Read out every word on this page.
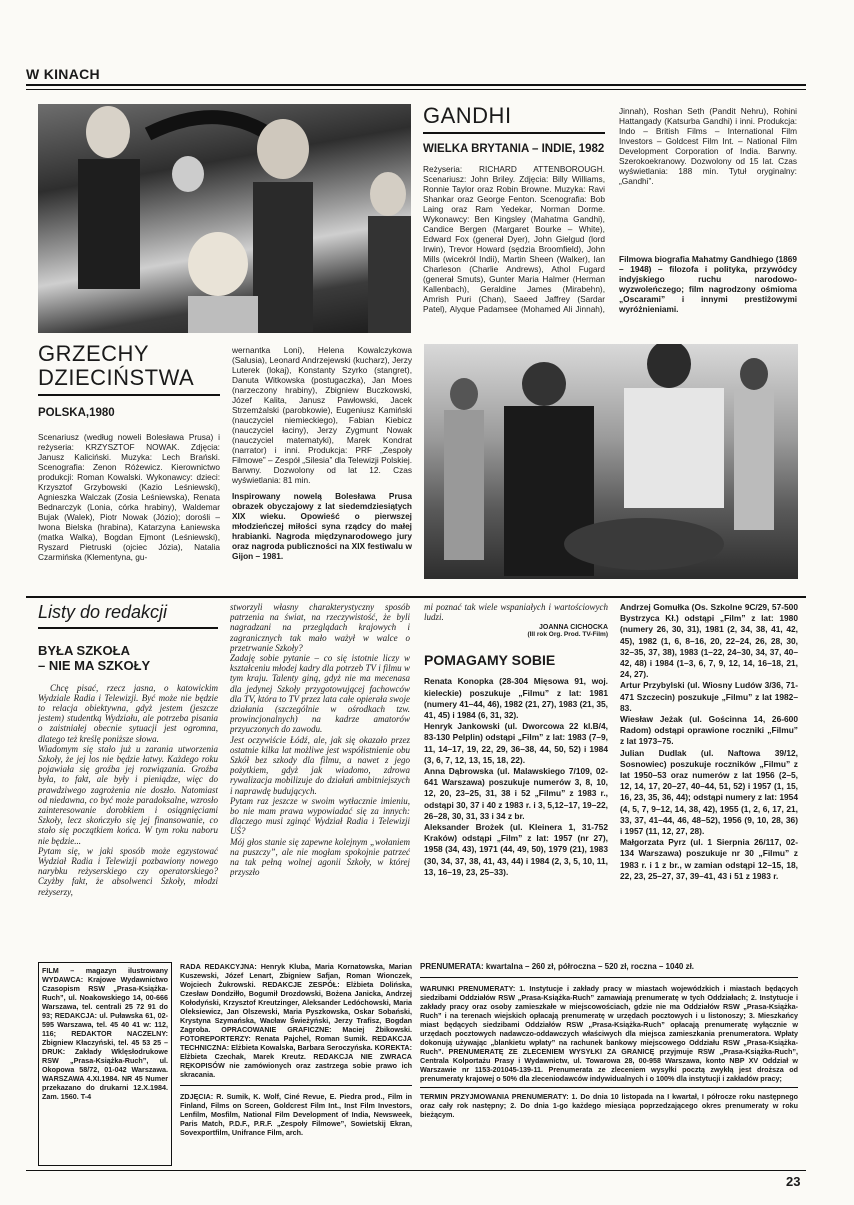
W KINACH
GANDHI
WIELKA BRYTANIA – INDIE, 1982

Reżyseria: RICHARD ATTENBOROUGH. Scenariusz: John Briley. Zdjęcia: Billy Williams, Ronnie Taylor oraz Robin Browne. Muzyka: Ravi Shankar oraz George Fenton. Scenografia: Bob Laing oraz Ram Yedekar, Norman Dorme. Wykonawcy: Ben Kingsley (Mahatma Gandhi), Candice Bergen (Margaret Bourke – White), Edward Fox (generał Dyer), John Gielgud (lord Irwin), Trevor Howard (sędzia Broomfield), John Mills (wicekról Indii), Martin Sheen (Walker), Ian Charleson (Charlie Andrews), Athol Fugard (generał Smuts), Gunter Maria Halmer (Herman Kallenbach), Geraldine James (Mirabehn), Amrish Puri (Chan), Saeed Jaffrey (Sardar Patel), Alyque Padamsee (Mohamed Ali Jinnah),

Jinnah), Roshan Seth (Pandit Nehru), Rohini Hattangady (Katsurba Gandhi) i inni. Produkcja: Indo – British Films – International Film Investors – Goldcest Film Int. – National Film Development Corporation of India. Barwny. Szerokoekranowy. Dozwolony od 15 lat. Czas wyświetlania: 188 min. Tytuł oryginalny: „Gandhi”.

Filmowa biografia Mahatmy Gandhiego (1869 – 1948) – filozofa i polityka, przywódcy indyjskiego ruchu narodowo-wyzwoleńczego; film nagrodzony ośmioma „Oscarami” i innymi prestiżowymi wyróżnieniami.

GRZECHY
DZIECIŃSTWA
POLSKA,1980

Scenariusz (według noweli Bolesława Prusa) i reżyseria: KRZYSZTOF NOWAK. Zdjęcia: Janusz Kaliciński. Muzyka: Lech Brański. Scenografia: Zenon Różewicz. Kierownictwo produkcji: Roman Kowalski. Wykonawcy: dzieci: Krzysztof Grzybowski (Kazio Leśniewski), Agnieszka Walczak (Zosia Leśniewska), Renata Bednarczyk (Lonia, córka hrabiny), Waldemar Bujak (Walek), Piotr Nowak (Józio); dorośli – Iwona Bielska (hrabina), Katarzyna Łaniewska (matka Walka), Bogdan Ejmont (Leśniewski), Ryszard Pietruski (ojciec Józia), Natalia Czarmińska (Klementyna, gu-

wernantka Loni), Helena Kowalczykowa (Salusia), Leonard Andrzejewski (kucharz), Jerzy Luterek (lokaj), Konstanty Szyrko (stangret), Danuta Witkowska (postugaczka), Jan Moes (narzeczony hrabiny), Zbigniew Buczkowski, Józef Kalita, Janusz Pawłowski, Jacek Strzemżalski (parobkowie), Eugeniusz Kamiński (nauczyciel niemieckiego), Fabian Kiebicz (nauczyciel łaciny), Jerzy Zygmunt Nowak (nauczyciel matematyki), Marek Kondrat (narrator) i inni. Produkcja: PRF „Zespoły Filmowe” – Zespół „Silesia” dla Telewizji Polskiej. Barwny. Dozwolony od lat 12. Czas wyświetlania: 81 min.

Inspirowany nowelą Bolesława Prusa obrazek obyczajowy z lat siedemdziesiątych XIX wieku. Opowieść o pierwszej młodzieńczej miłości syna rządcy do małej hrabianki. Nagroda międzynarodowego jury oraz nagroda publiczności na XIX festiwalu w Gijon – 1981.

Listy do redakcji

BYŁA SZKOŁA

– NIE MA SZKOŁY

Chcę pisać, rzecz jasna, o katowickim Wydziale Radia i Telewizji. Być może nie będzie to relacja obiektywna, gdyż jestem (jeszcze jestem) studentką Wydziału, ale potrzeba pisania o zaistniałej obecnie sytuacji jest ogromna, dlatego też kreślę poniższe słowa.
Wiadomym się stało już u zarania utworzenia Szkoły, że jej los nie będzie łatwy. Każdego roku pojawiała się groźba jej rozwiązania. Groźba była, to fakt, ale były i pieniądze, więc do prawdziwego zagrożenia nie doszło. Natomiast od niedawna, co być może paradoksalne, wzrosło zainteresowanie dorobkiem i osiągnięciami Szkoły, lecz skończyło się jej finansowanie, co stało się początkiem końca. W tym roku naboru nie będzie...
Pytam się, w jaki sposób może egzystować Wydział Radia i Telewizji pozbawiony nowego narybku reżyserskiego czy operatorskiego? Czyżby fakt, że absolwenci Szkoły, młodzi reżyserzy,

stworzyli własny charakterystyczny sposób patrzenia na świat, na rzeczywistość, że byli nagradzani na przeglądach krajowych i zagranicznych tak mało ważył w walce o przetrwanie Szkoły?
Zadaję sobie pytanie – co się istotnie liczy w kształceniu młodej kadry dla potrzeb TV i filmu w tym kraju. Talenty giną, gdyż nie ma mecenasa dla jedynej Szkoły przygotowującej fachowców dla TV, która to TV przez lata całe opierała swoje działania (szczególnie w ośrodkach tzw. prowincjonalnych) na kadrze amatorów przyuczonych do zawodu.
Jest oczywiście Łódź, ale, jak się okazało przez ostatnie kilka lat możliwe jest współistnienie obu Szkół bez szkody dla filmu, a nawet z jego pożytkiem, gdyż jak wiadomo, zdrowa rywalizacja mobilizuje do działań ambitniejszych i naprawdę budujących.
Pytam raz jeszcze w swoim wytłacznie imieniu, bo nie mam prawa wypowiadać się za innych: dlaczego musi zginąć Wydział Radia i Telewizji UŚ?
Mój głos stanie się zapewne kolejnym „wołaniem na puszczy”, ale nie mogłam spokojnie patrzeć na tak pełną wolnej agonii Szkoły, w której przyszło

mi poznać tak wiele wspaniałych i wartościowych ludzi.

JOANNA CICHOCKA

(III rok Org. Prod. TV-Film)

POMAGAMY SOBIE

Renata Konopka (28-304 Mięsowa 91, woj. kieleckie) poszukuje „Filmu” z lat: 1981 (numery 41–44, 46), 1982 (21, 27), 1983 (21, 35, 41, 45) i 1984 (6, 31, 32).
Henryk Jankowski (ul. Dworcowa 22 kl.B/4, 83-130 Pelplin) odstąpi „Film” z lat: 1983 (7–9, 11, 14–17, 19, 22, 29, 36–38, 44, 50, 52) i 1984 (3, 6, 7, 12, 13, 15, 18, 22).
Anna Dąbrowska (ul. Malawskiego 7/109, 02-641 Warszawa) poszukuje numerów 3, 8, 10, 12, 20, 23–25, 31, 38 i 52 „Filmu” z 1983 r., odstąpi 30, 37 i 40 z 1983 r. i 3, 5,12–17, 19–22, 26–28, 30, 31, 33 i 34 z br.
Aleksander Brożek (ul. Kleinera 1, 31-752 Kraków) odstąpi „Film” z lat: 1957 (nr 27), 1958 (34, 43), 1971 (44, 49, 50), 1979 (21), 1983 (30, 34, 37, 38, 41, 43, 44) i 1984 (2, 3, 5, 10, 11, 13, 16–19, 23, 25–33).

Andrzej Gomułka (Os. Szkolne 9C/29, 57-500 Bystrzyca Kł.) odstąpi „Film” z lat: 1980 (numery 26, 30, 31), 1981 (2, 34, 38, 41, 42, 45), 1982 (1, 6, 8–16, 20, 22–24, 26, 28, 30, 32–35, 37, 38), 1983 (1–22, 24–30, 34, 37, 40–42, 48) i 1984 (1–3, 6, 7, 9, 12, 14, 16–18, 21, 24, 27).
Artur Przybylski (ul. Wiosny Ludów 3/36, 71-471 Szczecin) poszukuje „Filmu” z lat 1982–83.
Wiesław Jeżak (ul. Gościnna 14, 26-600 Radom) odstąpi oprawione roczniki „Filmu” z lat 1973–75.
Julian Dudlak (ul. Naftowa 39/12, Sosnowiec) poszukuje roczników „Filmu” z lat 1950–53 oraz numerów z lat 1956 (2–5, 12, 14, 17, 20–27, 40–44, 51, 52) i 1957 (1, 15, 16, 23, 35, 36, 44); odstąpi numery z lat: 1954 (4, 5, 7, 9–12, 14, 38, 42), 1955 (1, 2, 6, 17, 21, 33, 37, 41–44, 46, 48–52), 1956 (9, 10, 28, 36) i 1957 (11, 12, 27, 28).
Małgorzata Pyrz (ul. 1 Sierpnia 26/117, 02-134 Warszawa) poszukuje nr 30 „Filmu” z 1983 r. i 1 z br., w zamian odstąpi 12–15, 18, 22, 23, 25–27, 37, 39–41, 43 i 51 z 1983 r.

FILM – magazyn ilustrowany WYDAWCA: Krajowe Wydawnictwo Czasopism RSW „Prasa-Książka-Ruch”, ul. Noakowskiego 14, 00-666 Warszawa, tel. centrali 25 72 91 do 93; REDAKCJA: ul. Puławska 61, 02-595 Warszawa, tel. 45 40 41 w: 112, 116; REDAKTOR NACZELNY: Zbigniew Kłaczyński, tel. 45 53 25 – DRUK: Zakłady Wklęsłodrukowe RSW „Prasa-Książka-Ruch”, ul. Okopowa 58/72, 01-042 Warszawa. WARSZAWA 4.XI.1984. NR 45 Numer przekazano do drukarni 12.X.1984. Zam. 1560. T-4

RADA REDAKCYJNA: Henryk Kluba, Maria Kornatowska, Marian Kuszewski, Józef Lenart, Zbigniew Safjan, Roman Wionczek, Wojciech Żukrowski. REDAKCJE ZESPÓŁ: Elżbieta Dolińska, Czesław Dondziłło, Bogumił Drozdowski, Bożena Janicka, Andrzej Kołodyński, Krzysztof Kreutzinger, Aleksander Ledóchowski, Maria Oleksiewicz, Jan Olszewski, Maria Pyszkowska, Oskar Sobański, Krystyna Szymańska, Wacław Świeżyński, Jerzy Trafisz, Bogdan Zagroba. OPRACOWANIE GRAFICZNE: Maciej Żbikowski. FOTOREPORTERZY: Renata Pajchel, Roman Sumik. REDAKCJA TECHNICZNA: Elżbieta Kowalska, Barbara Seroczyńska. KOREKTA: Elżbieta Czechak, Marek Kreutz. REDAKCJA NIE ZWRACA RĘKOPISÓW nie zamówionych oraz zastrzega sobie prawo ich skracania.

ZDJĘCIA: R. Sumik, K. Wolf, Ciné Revue, E. Piedra prod., Film in Finland, Films on Screen, Goldcrest Film Int., Inst Film Investors, Lenfilm, Mosfilm, National Film Development of India, Newsweek, Paris Match, P.D.F., P.R.F. „Zespoły Filmowe”, Sowietskij Ekran, Sovexportfilm, Unifrance Film, arch.

PRENUMERATA: kwartalna – 260 zł, półroczna – 520 zł, roczna – 1040 zł.

WARUNKI PRENUMERATY: 1. Instytucje i zakłady pracy w miastach wojewódzkich i miastach będących siedzibami Oddziałów RSW „Prasa-Książka-Ruch” zamawiają prenumeratę w tych Oddziałach; 2. Instytucje i zakłady pracy oraz osoby zamieszkałe w miejscowościach, gdzie nie ma Oddziałów RSW „Prasa-Książka-Ruch” i na terenach wiejskich opłacają prenumeratę w urzędach pocztowych i u listonoszy; 3. Mieszkańcy miast będących siedzibami Oddziałów RSW „Prasa-Książka-Ruch” opłacają prenumeratę wyłącznie w urzędach pocztowych nadawczo-oddawczych właściwych dla miejsca zamieszkania prenumeratora. Wpłaty dokonują używając „blankietu wpłaty” na rachunek bankowy miejscowego Oddziału RSW „Prasa-Książka-Ruch”. PRENUMERATĘ ZE ZLECENIEM WYSYŁKI ZA GRANICĘ przyjmuje RSW „Prasa-Książka-Ruch”, Centrala Kolportażu Prasy i Wydawnictw, ul. Towarowa 28, 00-958 Warszawa, konto NBP XV Oddział w Warszawie nr 1153-201045-139-11. Prenumerata ze zleceniem wysyłki pocztą zwykłą jest droższa od prenumeraty krajowej o 50% dla zleceniodawców indywidualnych i o 100% dla instytucji i zakładów pracy;

TERMIN PRZYJMOWANIA PRENUMERATY: 1. Do dnia 10 listopada na I kwartał, I półrocze roku następnego oraz cały rok następny; 2. Do dnia 1-go każdego miesiąca poprzedzającego okres prenumeraty w roku bieżącym.

23
